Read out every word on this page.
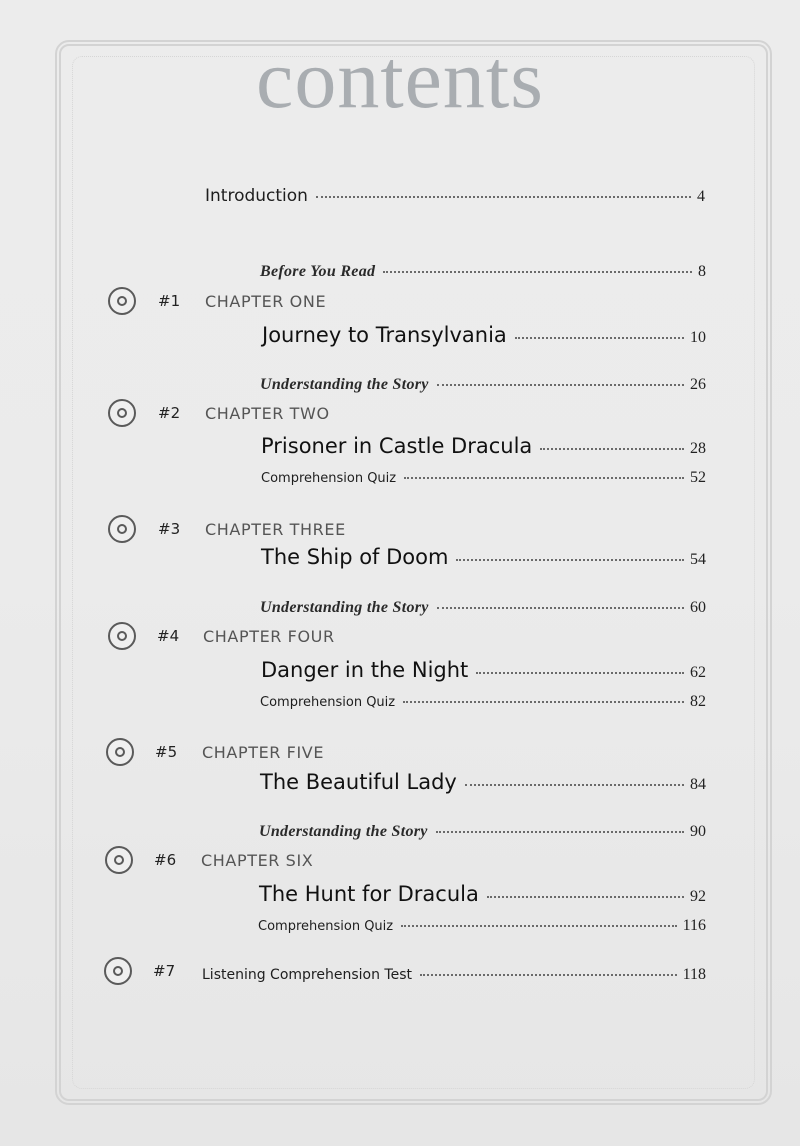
contents
Introduction	4
Before You Read	8
#1 CHAPTER ONE
Journey to Transylvania	10
Understanding the Story	26
#2 CHAPTER TWO
Prisoner in Castle Dracula	28
Comprehension Quiz	52
#3 CHAPTER THREE
The Ship of Doom	54
Understanding the Story	60
#4 CHAPTER FOUR
Danger in the Night	62
Comprehension Quiz	82
#5 CHAPTER FIVE
The Beautiful Lady	84
Understanding the Story	90
#6 CHAPTER SIX
The Hunt for Dracula	92
Comprehension Quiz	116
#7 Listening Comprehension Test	118
